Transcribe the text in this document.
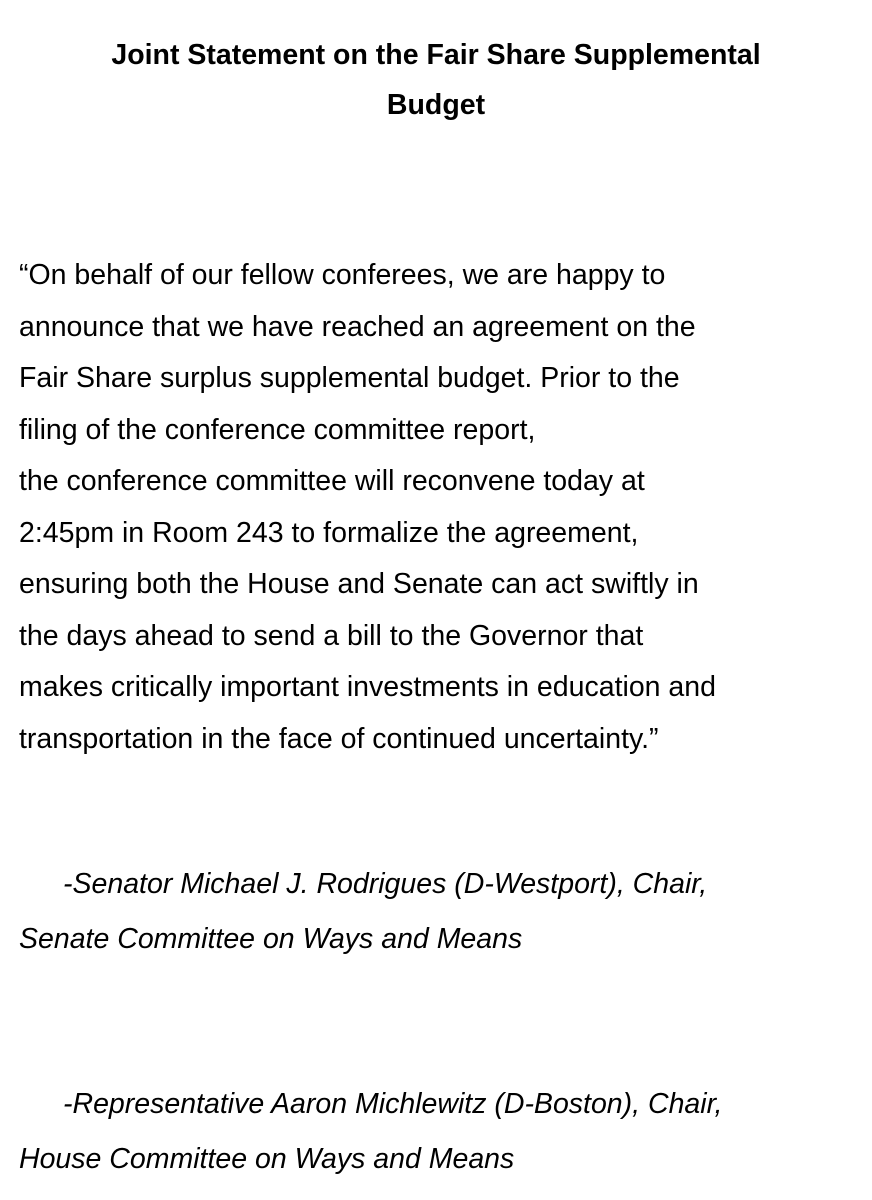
Joint Statement on the Fair Share Supplemental
Budget

“On behalf of our fellow conferees, we are happy to
announce that we have reached an agreement on the
Fair Share surplus supplemental budget. Prior to the
filing of the conference committee report,
the conference committee will reconvene today at
2:45pm in Room 243 to formalize the agreement,
ensuring both the House and Senate can act swiftly in
the days ahead to send a bill to the Governor that
makes critically important investments in education and
transportation in the face of continued uncertainty.”

-Senator Michael J. Rodrigues (D-Westport), Chair,
Senate Committee on Ways and Means

-Representative Aaron Michlewitz (D-Boston), Chair,
House Committee on Ways and Means
